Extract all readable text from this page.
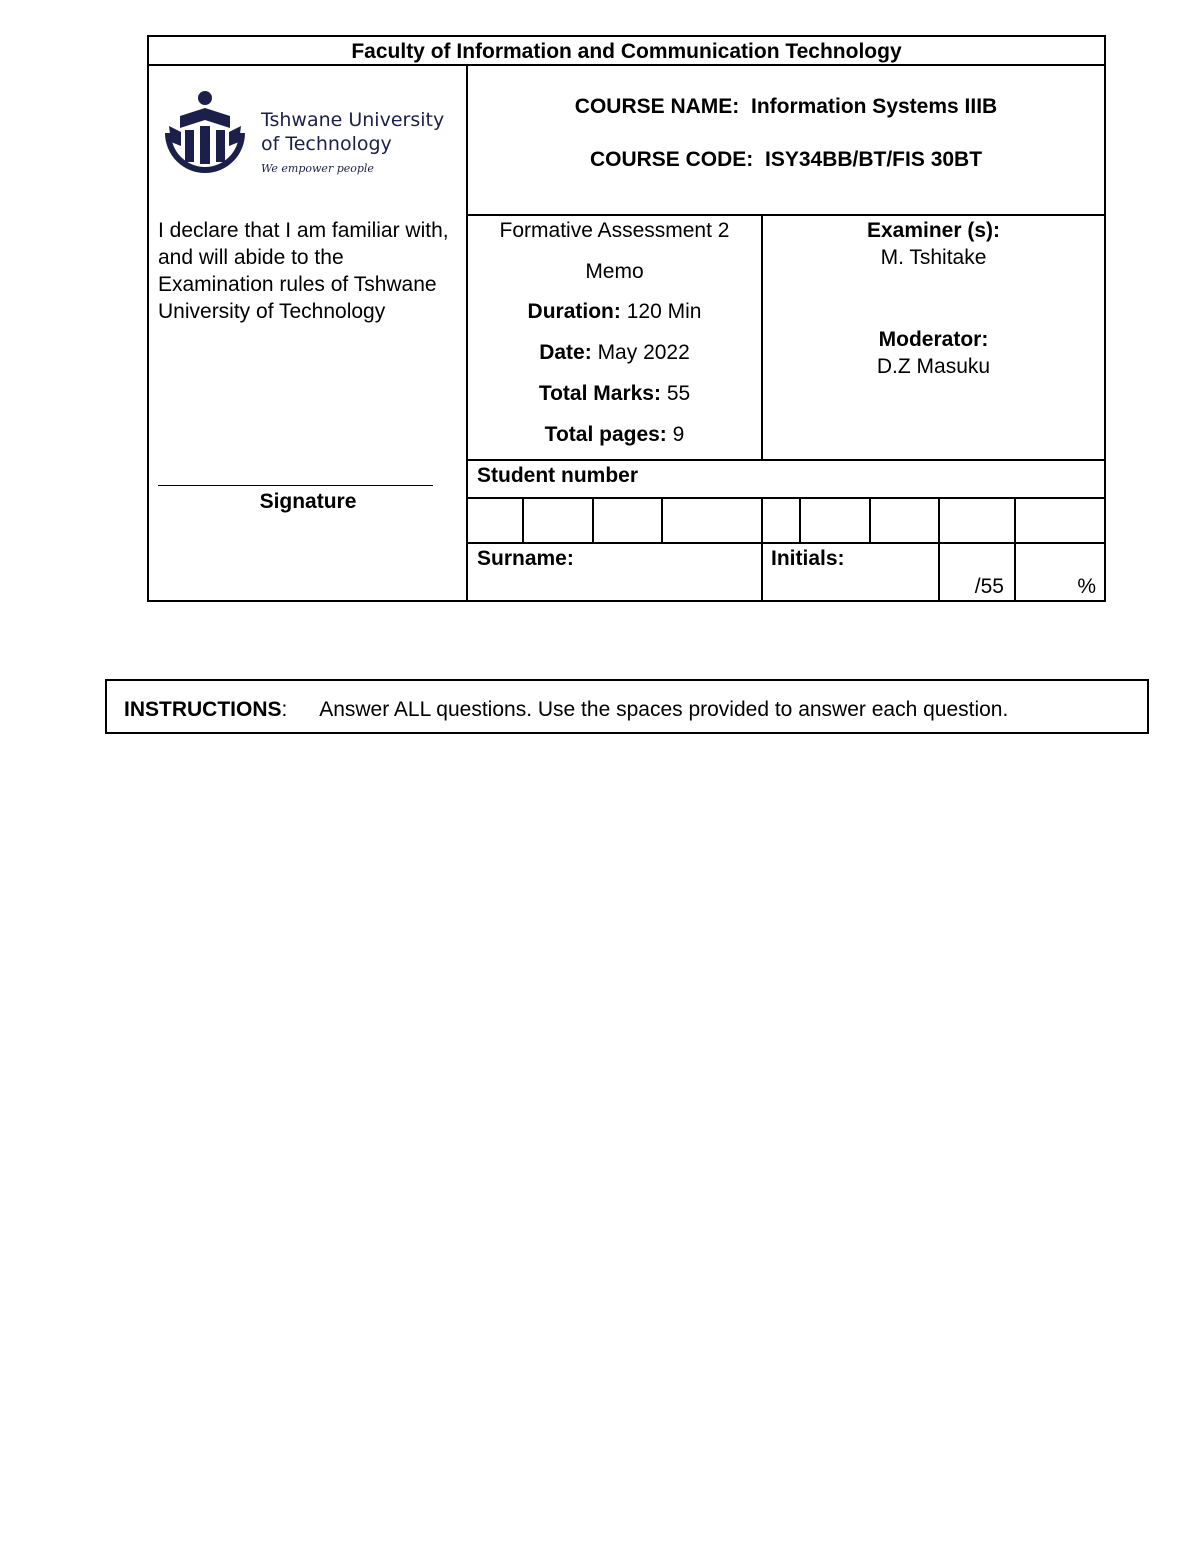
Faculty of Information and Communication Technology
Tshwane University
of Technology
We empower people
COURSE NAME: Information Systems IIIB
COURSE CODE: ISY34BB/BT/FIS 30BT
I declare that I am familiar with, and will abide to the Examination rules of Tshwane University of Technology
Signature
Formative Assessment 2
Memo
Duration: 120 Min
Date: May 2022
Total Marks: 55
Total pages: 9
Examiner (s):
M. Tshitake
Moderator:
D.Z Masuku
Student number
Surname:	Initials:
/55	%
INSTRUCTIONS: Answer ALL questions. Use the spaces provided to answer each question.
